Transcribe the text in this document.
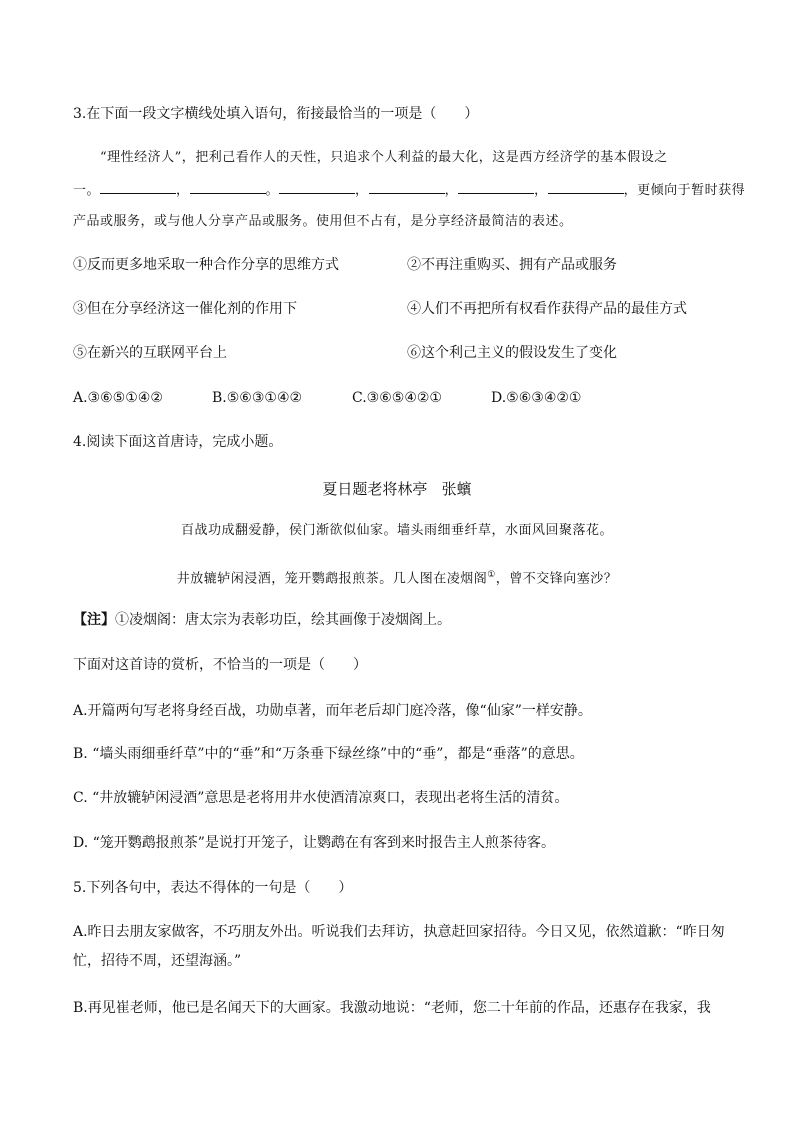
3.在下面一段文字横线处填入语句，衔接最恰当的一项是（　　）
“理性经济人”，把利己看作人的天性，只追求个人利益的最大化，这是西方经济学的基本假设之
一。	，	。	，	，	，	，更倾向于暂时获得
产品或服务，或与他人分享产品或服务。使用但不占有，是分享经济最简洁的表述。
①反而更多地采取一种合作分享的思维方式	②不再注重购买、拥有产品或服务
③但在分享经济这一催化剂的作用下	④人们不再把所有权看作获得产品的最佳方式
⑤在新兴的互联网平台上	⑥这个利己主义的假设发生了变化
A.③⑥⑤①④②	B.⑤⑥③①④②	C.③⑥⑤④②①	D.⑤⑥③④②①
4.阅读下面这首唐诗，完成小题。
夏日题老将林亭 张蠙
百战功成翻爱静，侯门渐欲似仙家。墙头雨细垂纤草，水面风回聚落花。
井放辘轳闲浸酒，笼开鹦鹉报煎茶。几人图在凌烟阁①，曾不交锋向塞沙？
【注】①凌烟阁：唐太宗为表彰功臣，绘其画像于凌烟阁上。
下面对这首诗的赏析，不恰当的一项是（　　）
A.开篇两句写老将身经百战，功勋卓著，而年老后却门庭冷落，像“仙家”一样安静。
B. “墙头雨细垂纤草”中的“垂”和“万条垂下绿丝绦”中的“垂”，都是“垂落”的意思。
C. “井放辘轳闲浸酒”意思是老将用井水使酒清凉爽口，表现出老将生活的清贫。
D. “笼开鹦鹉报煎茶”是说打开笼子，让鹦鹉在有客到来时报告主人煎茶待客。
5.下列各句中，表达不得体的一句是（　　）
A.昨日去朋友家做客，不巧朋友外出。听说我们去拜访，执意赶回家招待。今日又见，依然道歉：“昨日匆忙，招待不周，还望海涵。”
B.再见崔老师，他已是名闻天下的大画家。我激动地说：“老师，您二十年前的作品，还惠存在我家，我
